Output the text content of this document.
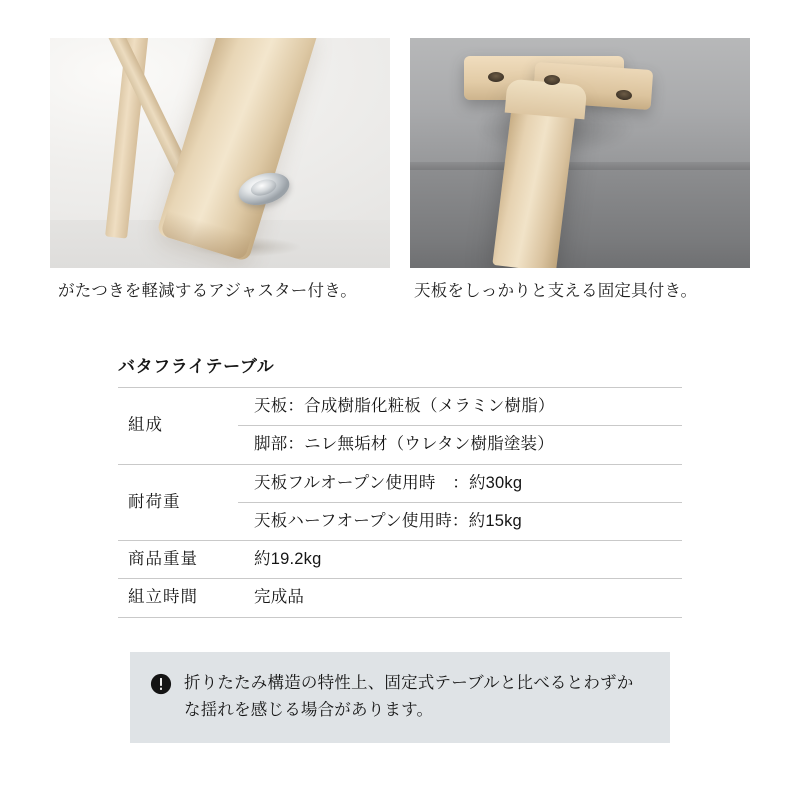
がたつきを軽減するアジャスター付き。	天板をしっかりと支える固定具付き。
バタフライテーブル
組成	天板：合成樹脂化粧板（メラミン樹脂）
	脚部：ニレ無垢材（ウレタン樹脂塗装）
耐荷重	天板フルオープン使用時　：約30kg
	天板ハーフオープン使用時：約15kg
商品重量	約19.2kg
組立時間	完成品
折りたたみ構造の特性上、固定式テーブルと比べるとわずかな揺れを感じる場合があります。
